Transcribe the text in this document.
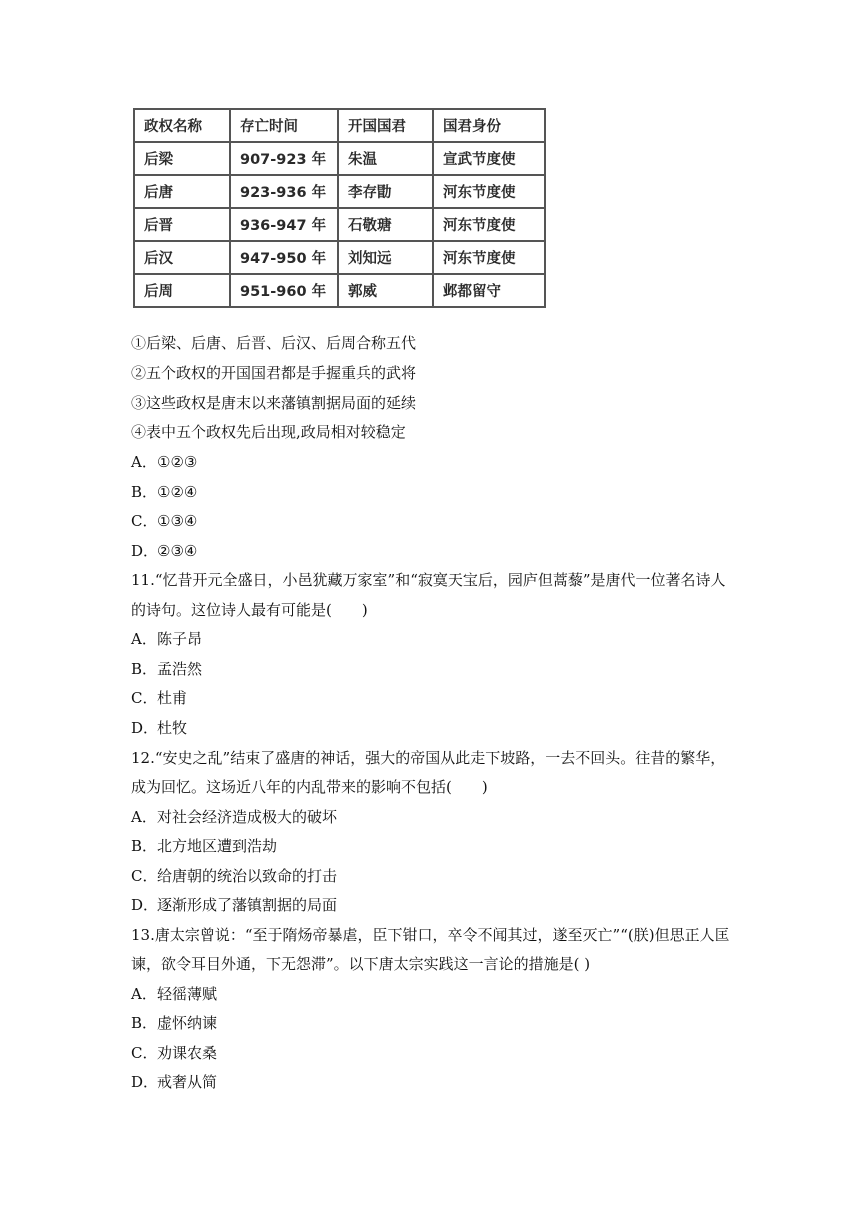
政权名称	存亡时间	开国国君	国君身份
后梁	907-923 年	朱温	宣武节度使
后唐	923-936 年	李存勖	河东节度使
后晋	936-947 年	石敬瑭	河东节度使
后汉	947-950 年	刘知远	河东节度使
后周	951-960 年	郭威	邺都留守
①后梁、后唐、后晋、后汉、后周合称五代
②五个政权的开国国君都是手握重兵的武将
③这些政权是唐末以来藩镇割据局面的延续
④表中五个政权先后出现,政局相对较稳定
A．①②③
B．①②④
C．①③④
D．②③④
11.“忆昔开元全盛日，小邑犹藏万家室”和“寂寞天宝后，园庐但蒿藜”是唐代一位著名诗人
的诗句。这位诗人最有可能是(　　)
A．陈子昂
B．孟浩然
C．杜甫
D．杜牧
12.“安史之乱”结束了盛唐的神话，强大的帝国从此走下坡路，一去不回头。往昔的繁华，
成为回忆。这场近八年的内乱带来的影响不包括(　　)
A．对社会经济造成极大的破坏
B．北方地区遭到浩劫
C．给唐朝的统治以致命的打击
D．逐渐形成了藩镇割据的局面
13.唐太宗曾说：“至于隋炀帝暴虐，臣下钳口，卒令不闻其过，遂至灭亡”“(朕)但思正人匡
谏，欲令耳目外通，下无怨滞”。以下唐太宗实践这一言论的措施是( )
A．轻徭薄赋
B．虚怀纳谏
C．劝课农桑
D．戒奢从简
